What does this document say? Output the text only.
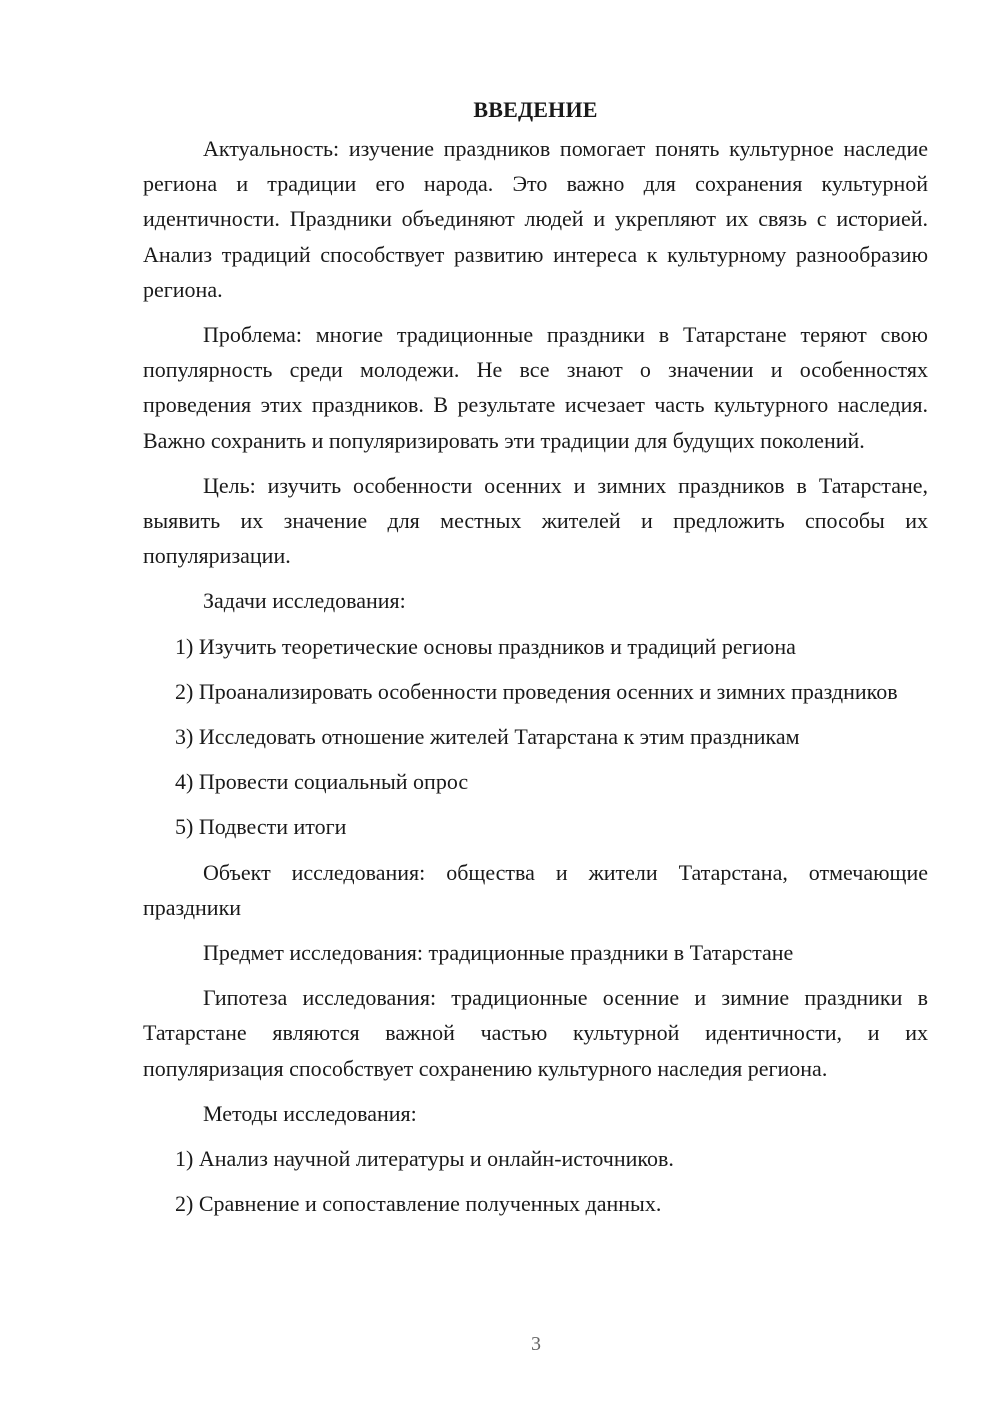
ВВЕДЕНИЕ

Актуальность: изучение праздников помогает понять культурное наследие региона и традиции его народа. Это важно для сохранения культурной идентичности. Праздники объединяют людей и укрепляют их связь с историей. Анализ традиций способствует развитию интереса к культурному разнообразию региона.

Проблема: многие традиционные праздники в Татарстане теряют свою популярность среди молодежи. Не все знают о значении и особенностях проведения этих праздников. В результате исчезает часть культурного наследия. Важно сохранить и популяризировать эти традиции для будущих поколений.

Цель: изучить особенности осенних и зимних праздников в Татарстане, выявить их значение для местных жителей и предложить способы их популяризации.

Задачи исследования:

1) Изучить теоретические основы праздников и традиций региона

2) Проанализировать особенности проведения осенних и зимних праздников

3) Исследовать отношение жителей Татарстана к этим праздникам

4) Провести социальный опрос

5) Подвести итоги

Объект исследования: общества и жители Татарстана, отмечающие праздники

Предмет исследования: традиционные праздники в Татарстане

Гипотеза исследования: традиционные осенние и зимние праздники в Татарстане являются важной частью культурной идентичности, и их популяризация способствует сохранению культурного наследия региона.

Методы исследования:

1) Анализ научной литературы и онлайн-источников.

2) Сравнение и сопоставление полученных данных.

3
